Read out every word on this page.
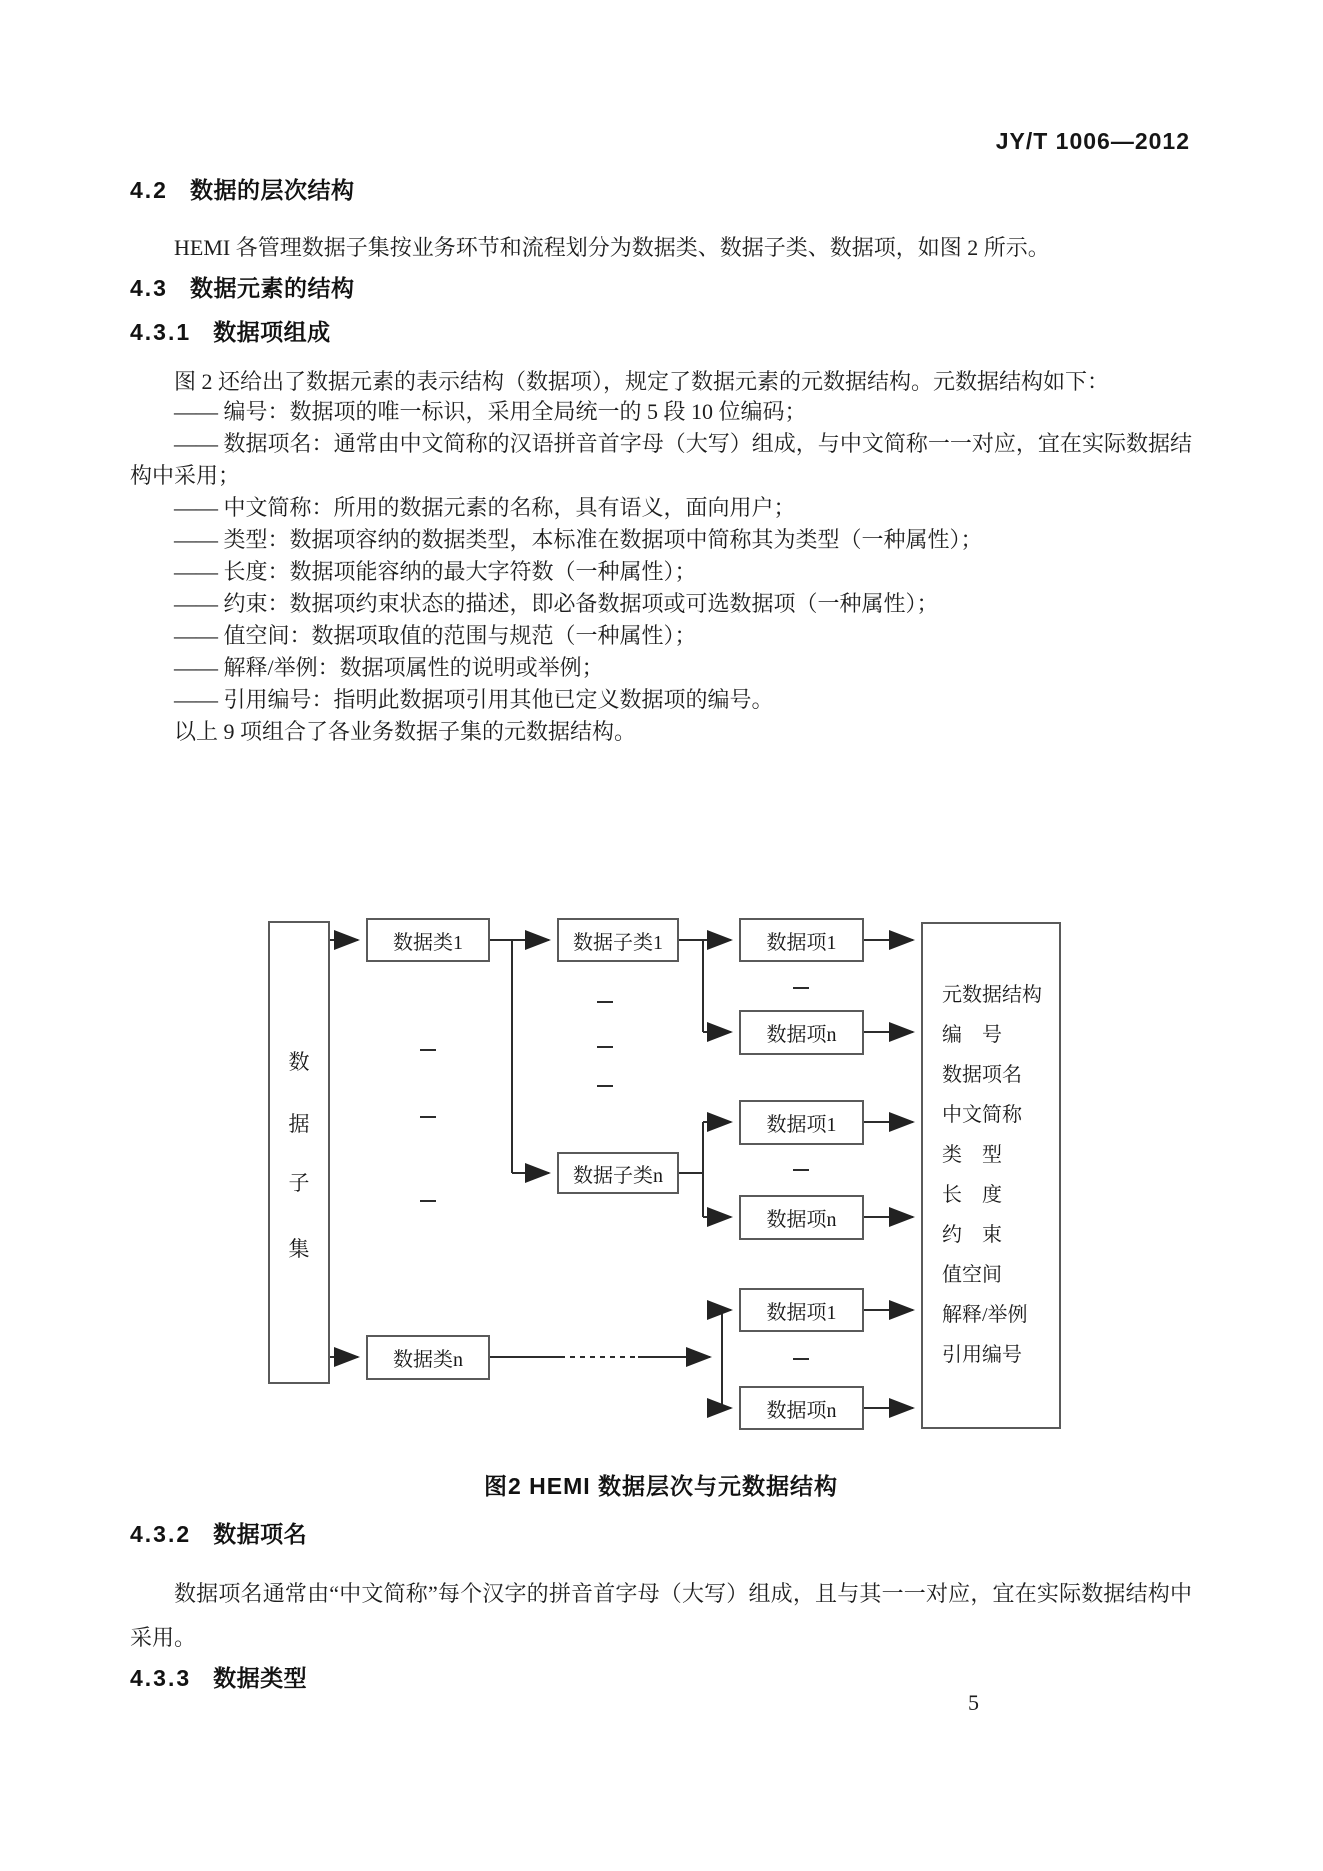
JY/T 1006—2012
4.2 数据的层次结构
HEMI 各管理数据子集按业务环节和流程划分为数据类、数据子类、数据项，如图 2 所示。
4.3 数据元素的结构
4.3.1 数据项组成
图 2 还给出了数据元素的表示结构（数据项），规定了数据元素的元数据结构。元数据结构如下：
—— 编号：数据项的唯一标识，采用全局统一的 5 段 10 位编码；
—— 数据项名：通常由中文简称的汉语拼音首字母（大写）组成，与中文简称一一对应，宜在实际数据结构中采用；
—— 中文简称：所用的数据元素的名称，具有语义，面向用户；
—— 类型：数据项容纳的数据类型，本标准在数据项中简称其为类型（一种属性）；
—— 长度：数据项能容纳的最大字符数（一种属性）；
—— 约束：数据项约束状态的描述，即必备数据项或可选数据项（一种属性）；
—— 值空间：数据项取值的范围与规范（一种属性）；
—— 解释/举例：数据项属性的说明或举例；
—— 引用编号：指明此数据项引用其他已定义数据项的编号。
以上 9 项组合了各业务数据子集的元数据结构。
数
据
子
集
数据类1
数据类n
数据子类1
数据子类n
数据项1
数据项n
数据项1
数据项n
数据项1
数据项n
元数据结构
编　号
数据项名
中文简称
类　型
长　度
约　束
值空间
解释/举例
引用编号
图2 HEMI 数据层次与元数据结构
4.3.2 数据项名
数据项名通常由“中文简称”每个汉字的拼音首字母（大写）组成，且与其一一对应，宜在实际数据结构中采用。
4.3.3 数据类型
5
